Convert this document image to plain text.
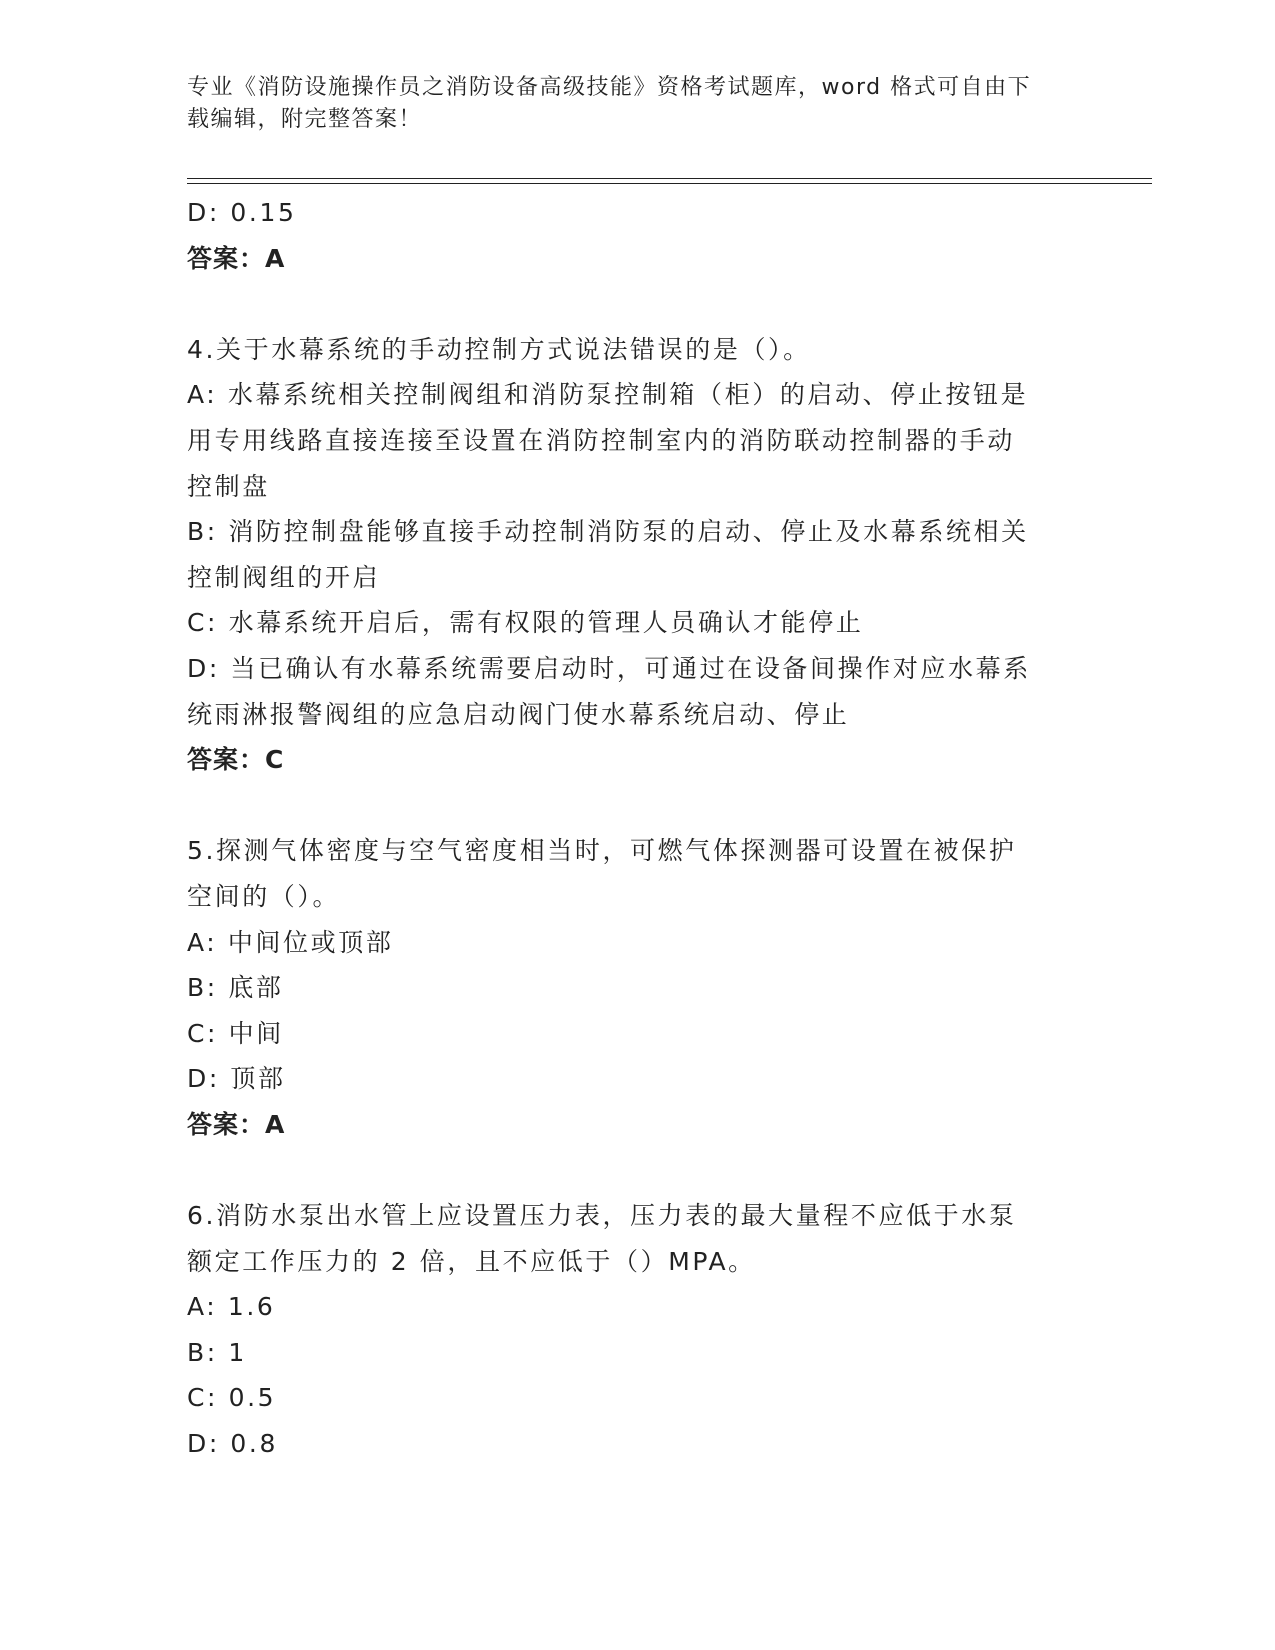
专业《消防设施操作员之消防设备高级技能》资格考试题库，word 格式可自由下
载编辑，附完整答案！
D: 0.15
答案：A
4.关于水幕系统的手动控制方式说法错误的是（）。
A: 水幕系统相关控制阀组和消防泵控制箱（柜）的启动、停止按钮是
用专用线路直接连接至设置在消防控制室内的消防联动控制器的手动
控制盘
B: 消防控制盘能够直接手动控制消防泵的启动、停止及水幕系统相关
控制阀组的开启
C: 水幕系统开启后，需有权限的管理人员确认才能停止
D: 当已确认有水幕系统需要启动时，可通过在设备间操作对应水幕系
统雨淋报警阀组的应急启动阀门使水幕系统启动、停止
答案：C
5.探测气体密度与空气密度相当时，可燃气体探测器可设置在被保护
空间的（）。
A: 中间位或顶部
B: 底部
C: 中间
D: 顶部
答案：A
6.消防水泵出水管上应设置压力表，压力表的最大量程不应低于水泵
额定工作压力的 2 倍，且不应低于（）MPA。
A: 1.6
B: 1
C: 0.5
D: 0.8
